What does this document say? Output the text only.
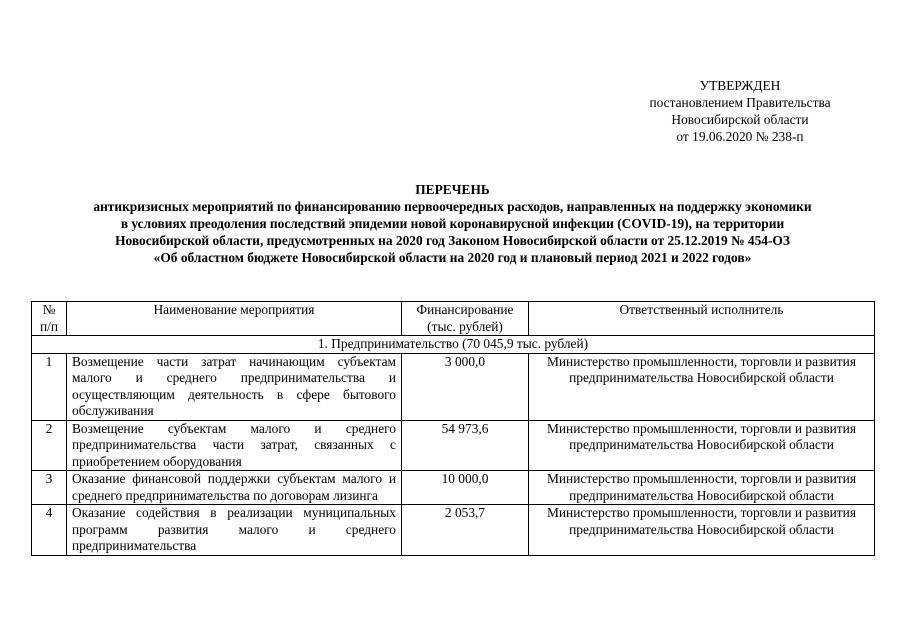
УТВЕРЖДЕН
постановлением Правительства
Новосибирской области
от 19.06.2020 № 238-п
ПЕРЕЧЕНЬ
антикризисных мероприятий по финансированию первоочередных расходов, направленных на поддержку экономики
в условиях преодоления последствий эпидемии новой коронавирусной инфекции (COVID-19), на территории
Новосибирской области, предусмотренных на 2020 год Законом Новосибирской области от 25.12.2019 № 454-ОЗ
«Об областном бюджете Новосибирской области на 2020 год и плановый период 2021 и 2022 годов»
№ п/п	Наименование мероприятия	Финансирование (тыс. рублей)	Ответственный исполнитель
1. Предпринимательство (70 045,9 тыс. рублей)			
1	Возмещение части затрат начинающим субъектам малого и среднего предпринимательства и осуществляющим деятельность в сфере бытового обслуживания	3 000,0	Министерство промышленности, торговли и развития предпринимательства Новосибирской области
2	Возмещение субъектам малого и среднего предпринимательства части затрат, связанных с приобретением оборудования	54 973,6	Министерство промышленности, торговли и развития предпринимательства Новосибирской области
3	Оказание финансовой поддержки субъектам малого и среднего предпринимательства по договорам лизинга	10 000,0	Министерство промышленности, торговли и развития предпринимательства Новосибирской области
4	Оказание содействия в реализации муниципальных программ развития малого и среднего предпринимательства	2 053,7	Министерство промышленности, торговли и развития предпринимательства Новосибирской области
